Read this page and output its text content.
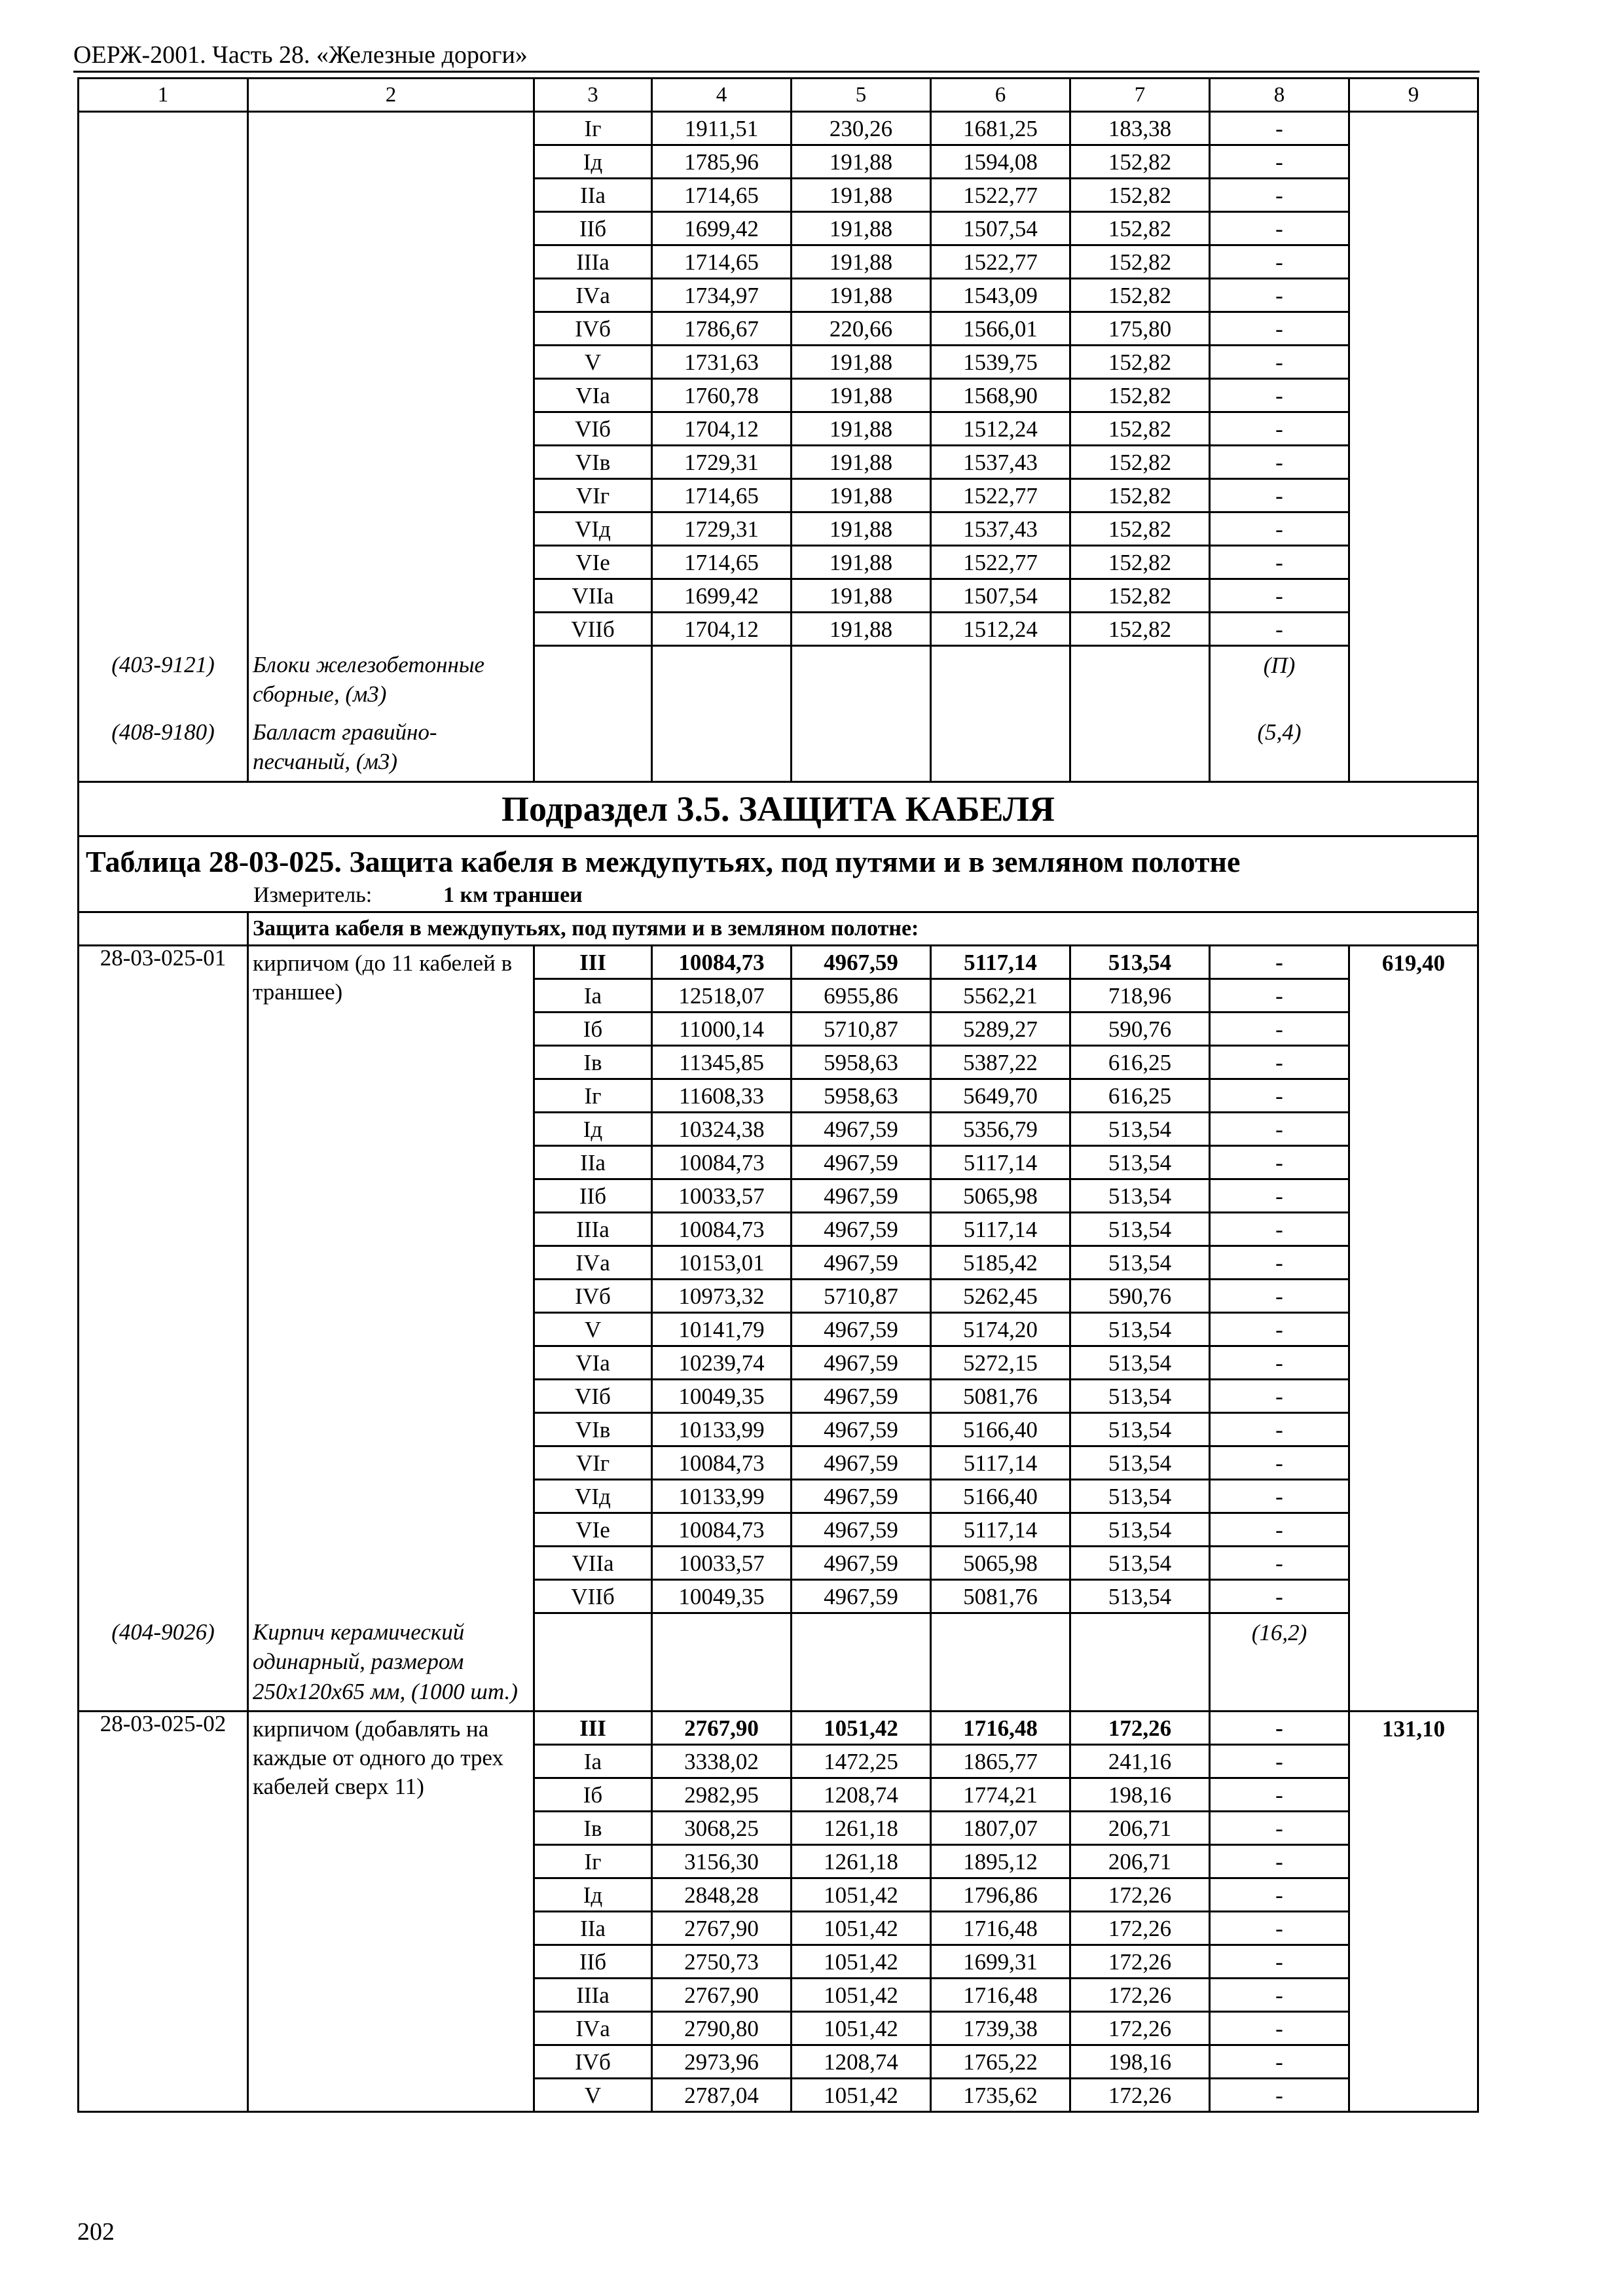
ОЕРЖ-2001. Часть 28. «Железные дороги»
1	2	3	4	5	6	7	8	9
		Iг	1911,51	230,26	1681,25	183,38	-	
		Iд	1785,96	191,88	1594,08	152,82	-	
		IIа	1714,65	191,88	1522,77	152,82	-	
		IIб	1699,42	191,88	1507,54	152,82	-	
		IIIа	1714,65	191,88	1522,77	152,82	-	
		IVа	1734,97	191,88	1543,09	152,82	-	
		IVб	1786,67	220,66	1566,01	175,80	-	
		V	1731,63	191,88	1539,75	152,82	-	
		VIа	1760,78	191,88	1568,90	152,82	-	
		VIб	1704,12	191,88	1512,24	152,82	-	
		VIв	1729,31	191,88	1537,43	152,82	-	
		VIг	1714,65	191,88	1522,77	152,82	-	
		VIд	1729,31	191,88	1537,43	152,82	-	
		VIе	1714,65	191,88	1522,77	152,82	-	
		VIIа	1699,42	191,88	1507,54	152,82	-	
		VIIб	1704,12	191,88	1512,24	152,82	-	
(403-9121)	Блоки железобетонные сборные, (м3)						(П)	
(408-9180)	Балласт гравийно-песчаный, (м3)						(5,4)	
Подраздел 3.5. ЗАЩИТА КАБЕЛЯ								

Таблица 28-03-025. Защита кабеля в междупутьях, под путями и в земляном полотне
Измеритель: 1 км траншеи								

	Защита кабеля в междупутьях, под путями и в земляном полотне:							
28-03-025-01	кирпичом (до 11 кабелей в траншее)	III	10084,73	4967,59	5117,14	513,54	-	619,40
		Iа	12518,07	6955,86	5562,21	718,96	-	
		Iб	11000,14	5710,87	5289,27	590,76	-	
		Iв	11345,85	5958,63	5387,22	616,25	-	
		Iг	11608,33	5958,63	5649,70	616,25	-	
		Iд	10324,38	4967,59	5356,79	513,54	-	
		IIа	10084,73	4967,59	5117,14	513,54	-	
		IIб	10033,57	4967,59	5065,98	513,54	-	
		IIIа	10084,73	4967,59	5117,14	513,54	-	
		IVа	10153,01	4967,59	5185,42	513,54	-	
		IVб	10973,32	5710,87	5262,45	590,76	-	
		V	10141,79	4967,59	5174,20	513,54	-	
		VIа	10239,74	4967,59	5272,15	513,54	-	
		VIб	10049,35	4967,59	5081,76	513,54	-	
		VIв	10133,99	4967,59	5166,40	513,54	-	
		VIг	10084,73	4967,59	5117,14	513,54	-	
		VIд	10133,99	4967,59	5166,40	513,54	-	
		VIе	10084,73	4967,59	5117,14	513,54	-	
		VIIа	10033,57	4967,59	5065,98	513,54	-	
		VIIб	10049,35	4967,59	5081,76	513,54	-	
(404-9026)	Кирпич керамический одинарный, размером 250х120х65 мм, (1000 шт.)						(16,2)	
28-03-025-02	кирпичом (добавлять на каждые от одного до трех кабелей сверх 11)	III	2767,90	1051,42	1716,48	172,26	-	131,10
		Iа	3338,02	1472,25	1865,77	241,16	-	
		Iб	2982,95	1208,74	1774,21	198,16	-	
		Iв	3068,25	1261,18	1807,07	206,71	-	
		Iг	3156,30	1261,18	1895,12	206,71	-	
		Iд	2848,28	1051,42	1796,86	172,26	-	
		IIа	2767,90	1051,42	1716,48	172,26	-	
		IIб	2750,73	1051,42	1699,31	172,26	-	
		IIIа	2767,90	1051,42	1716,48	172,26	-	
		IVа	2790,80	1051,42	1739,38	172,26	-	
		IVб	2973,96	1208,74	1765,22	198,16	-	
		V	2787,04	1051,42	1735,62	172,26	-	
202
